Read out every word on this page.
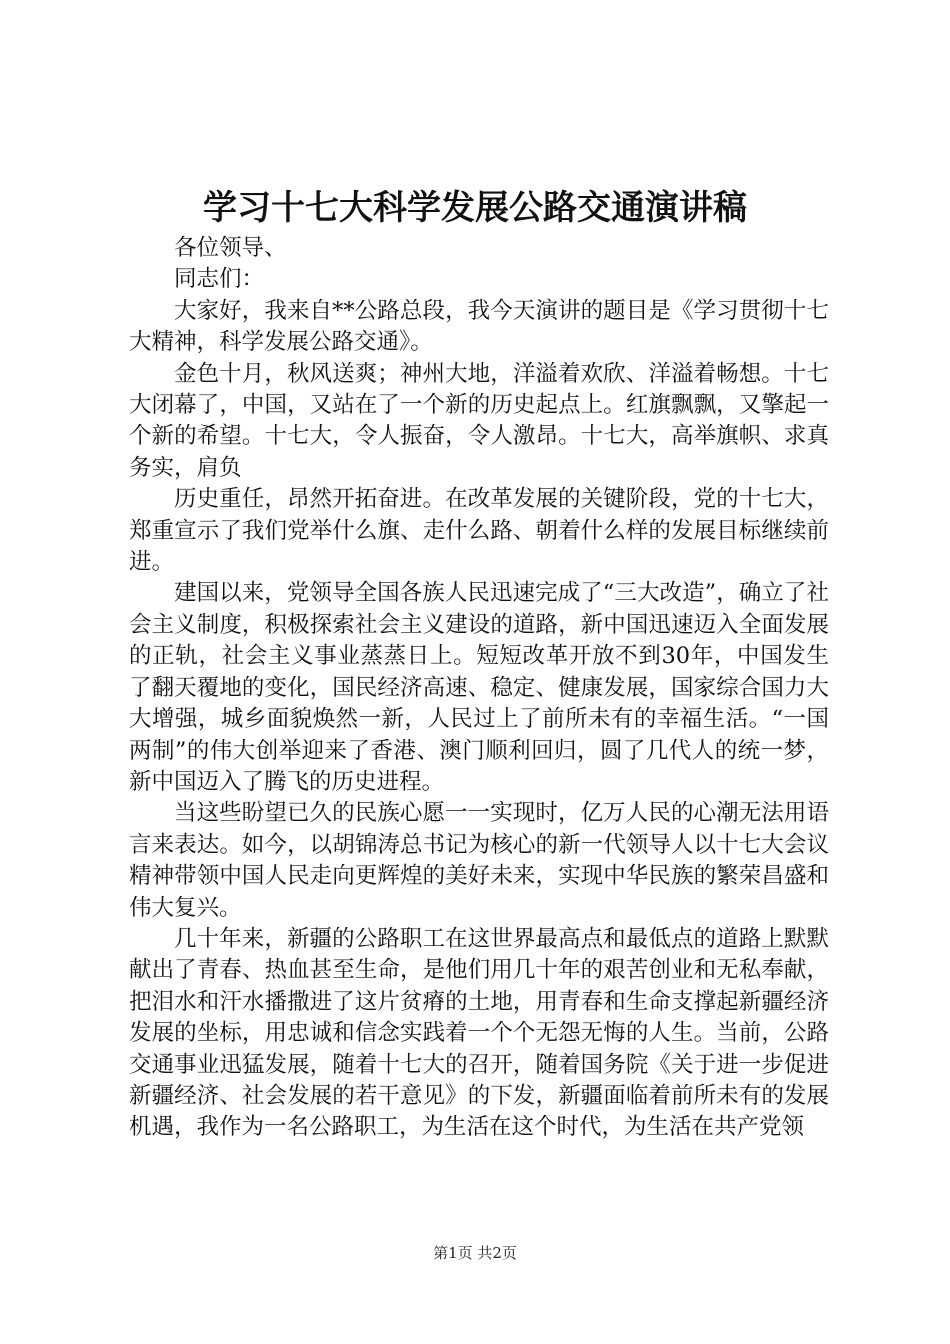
学习十七大科学发展公路交通演讲稿

各位领导、

同志们：

大家好，我来自**公路总段，我今天演讲的题目是《学习贯彻十七大精神，科学发展公路交通》。

金色十月，秋风送爽；神州大地，洋溢着欢欣、洋溢着畅想。十七大闭幕了，中国，又站在了一个新的历史起点上。红旗飘飘，又擎起一个新的希望。十七大，令人振奋，令人激昂。十七大，高举旗帜、求真务实，肩负

历史重任，昂然开拓奋进。在改革发展的关键阶段，党的十七大，郑重宣示了我们党举什么旗、走什么路、朝着什么样的发展目标继续前进。

建国以来，党领导全国各族人民迅速完成了“三大改造”，确立了社会主义制度，积极探索社会主义建设的道路，新中国迅速迈入全面发展的正轨，社会主义事业蒸蒸日上。短短改革开放不到30年，中国发生了翻天覆地的变化，国民经济高速、稳定、健康发展，国家综合国力大大增强，城乡面貌焕然一新，人民过上了前所未有的幸福生活。“一国两制”的伟大创举迎来了香港、澳门顺利回归，圆了几代人的统一梦，新中国迈入了腾飞的历史进程。

当这些盼望已久的民族心愿一一实现时，亿万人民的心潮无法用语言来表达。如今，以胡锦涛总书记为核心的新一代领导人以十七大会议精神带领中国人民走向更辉煌的美好未来，实现中华民族的繁荣昌盛和伟大复兴。

几十年来，新疆的公路职工在这世界最高点和最低点的道路上默默献出了青春、热血甚至生命，是他们用几十年的艰苦创业和无私奉献，把泪水和汗水播撒进了这片贫瘠的土地，用青春和生命支撑起新疆经济发展的坐标，用忠诚和信念实践着一个个无怨无悔的人生。当前，公路交通事业迅猛发展，随着十七大的召开，随着国务院《关于进一步促进新疆经济、社会发展的若干意见》的下发，新疆面临着前所未有的发展机遇，我作为一名公路职工，为生活在这个时代，为生活在共产党领

第1页 共2页
